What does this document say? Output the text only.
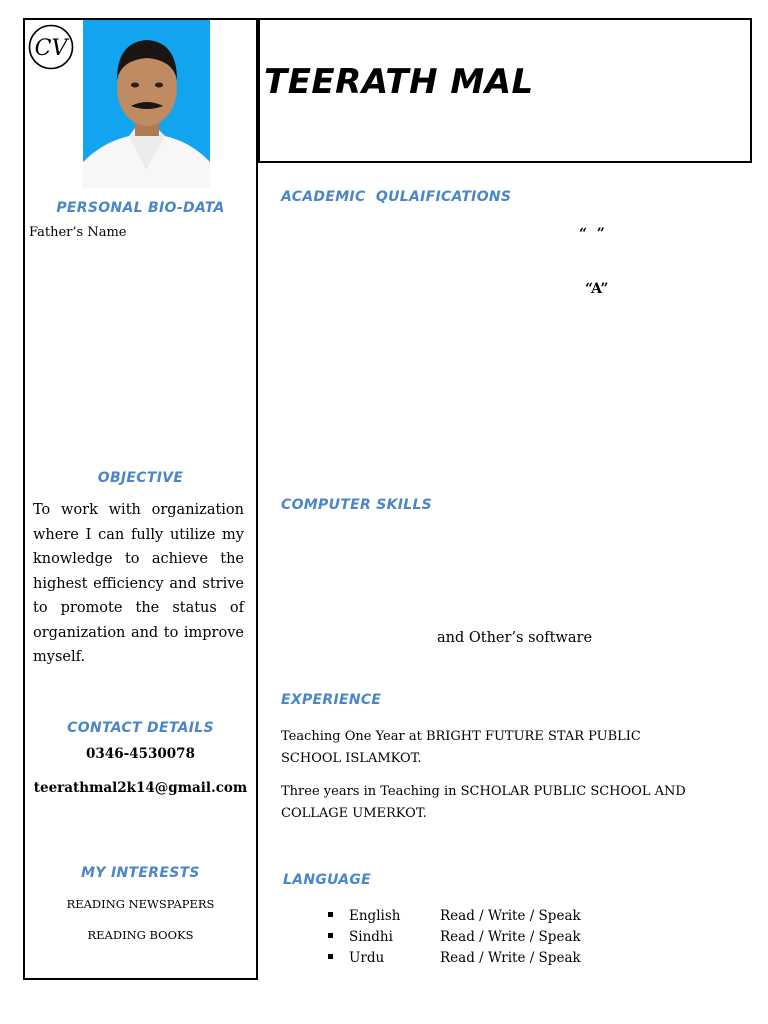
TEERATH MAL
CV
PERSONAL BIO-DATA
Father’s Name
OBJECTIVE
To work with organization where I can fully utilize my knowledge to achieve the highest efficiency and strive to promote the status of organization and to improve myself.
CONTACT DETAILS
0346-4530078
teerathmal2k14@gmail.com
MY INTERESTS
READING NEWSPAPERS
READING BOOKS
ACADEMIC  QULAIFICATIONS
“  ”
“A”
COMPUTER SKILLS
and Other’s software
EXPERIENCE
Teaching One Year at BRIGHT FUTURE STAR PUBLIC SCHOOL ISLAMKOT.
Three years in Teaching in SCHOLAR PUBLIC SCHOOL AND COLLAGE UMERKOT.
LANGUAGE
English	Read / Write / Speak
Sindhi	Read / Write / Speak
Urdu	Read / Write / Speak
